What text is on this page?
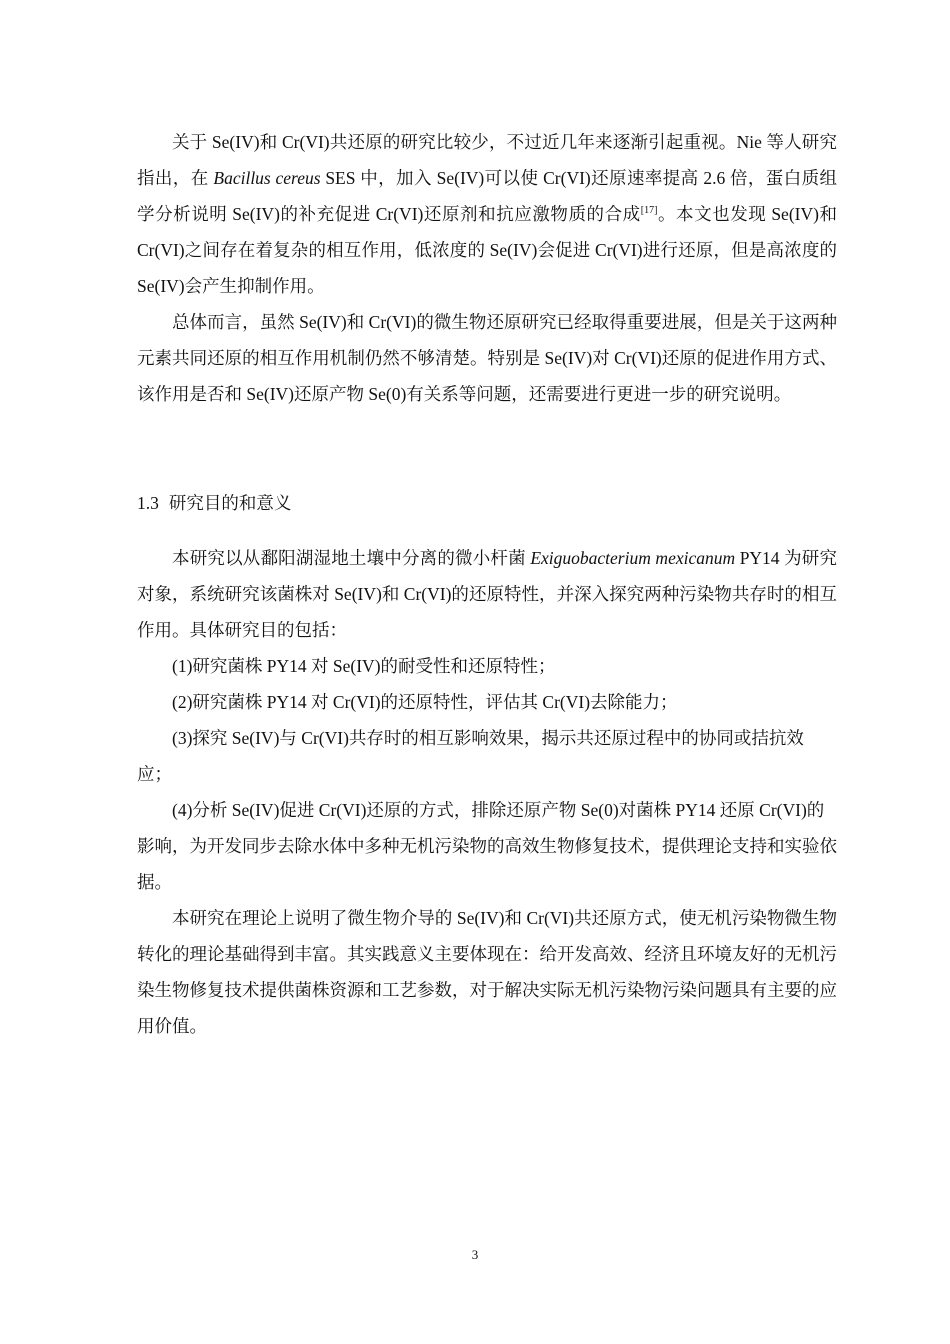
关于 Se(IV)和 Cr(VI)共还原的研究比较少，不过近几年来逐渐引起重视。Nie 等人研究指出，在 Bacillus cereus SES 中，加入 Se(IV)可以使 Cr(VI)还原速率提高 2.6 倍，蛋白质组学分析说明 Se(IV)的补充促进 Cr(VI)还原剂和抗应激物质的合成[17]。本文也发现 Se(IV)和 Cr(VI)之间存在着复杂的相互作用，低浓度的 Se(IV)会促进 Cr(VI)进行还原，但是高浓度的 Se(IV)会产生抑制作用。

总体而言，虽然 Se(IV)和 Cr(VI)的微生物还原研究已经取得重要进展，但是关于这两种元素共同还原的相互作用机制仍然不够清楚。特别是 Se(IV)对 Cr(VI)还原的促进作用方式、该作用是否和 Se(IV)还原产物 Se(0)有关系等问题，还需要进行更进一步的研究说明。

1.3 研究目的和意义

本研究以从鄱阳湖湿地土壤中分离的微小杆菌 Exiguobacterium mexicanum PY14 为研究对象，系统研究该菌株对 Se(IV)和 Cr(VI)的还原特性，并深入探究两种污染物共存时的相互作用。具体研究目的包括：

(1)研究菌株 PY14 对 Se(IV)的耐受性和还原特性；

(2)研究菌株 PY14 对 Cr(VI)的还原特性，评估其 Cr(VI)去除能力；

(3)探究 Se(IV)与 Cr(VI)共存时的相互影响效果，揭示共还原过程中的协同或拮抗效应；

(4)分析 Se(IV)促进 Cr(VI)还原的方式，排除还原产物 Se(0)对菌株 PY14 还原 Cr(VI)的影响，为开发同步去除水体中多种无机污染物的高效生物修复技术，提供理论支持和实验依据。

本研究在理论上说明了微生物介导的 Se(IV)和 Cr(VI)共还原方式，使无机污染物微生物转化的理论基础得到丰富。其实践意义主要体现在：给开发高效、经济且环境友好的无机污染生物修复技术提供菌株资源和工艺参数，对于解决实际无机污染物污染问题具有主要的应用价值。

3
